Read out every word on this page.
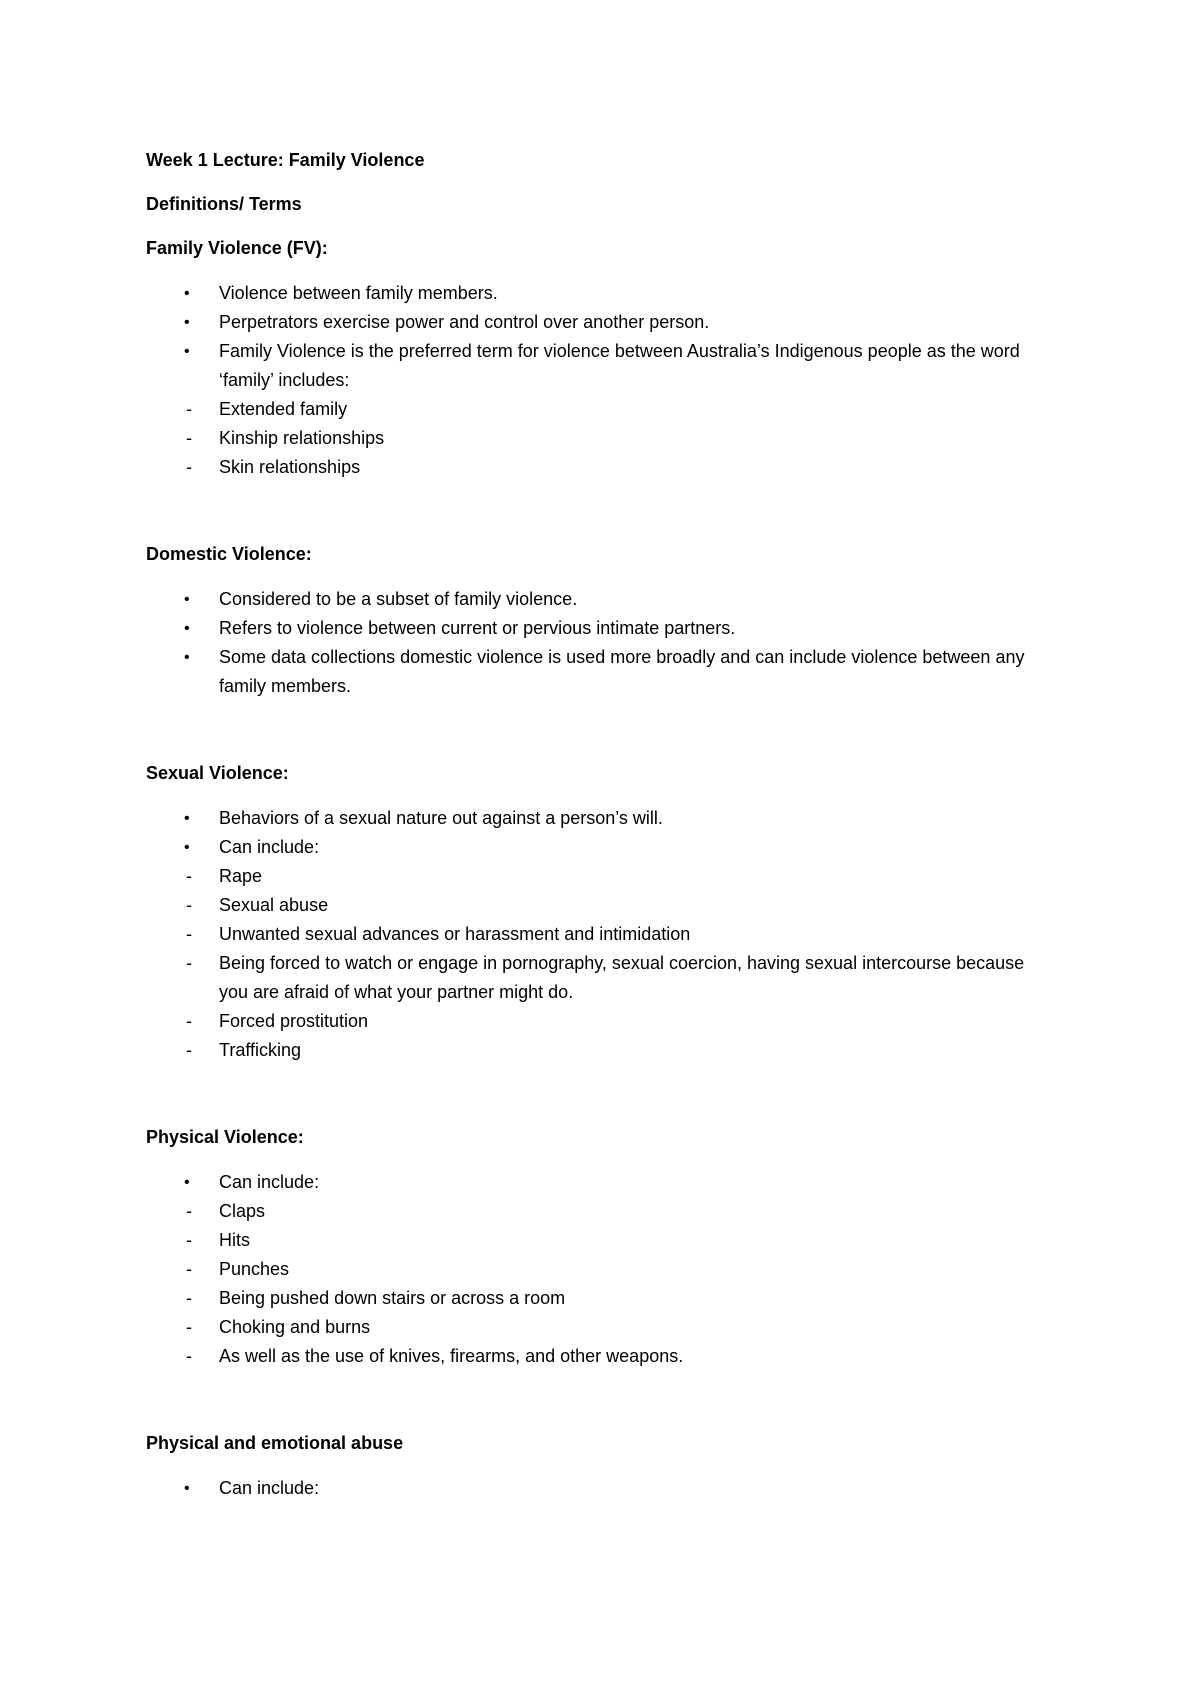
Week 1 Lecture: Family Violence
Definitions/ Terms
Family Violence (FV):
•	Violence between family members.
•	Perpetrators exercise power and control over another person.
•	Family Violence is the preferred term for violence between Australia’s Indigenous people as the word ‘family’ includes:
-	Extended family
-	Kinship relationships
-	Skin relationships
Domestic Violence:
•	Considered to be a subset of family violence.
•	Refers to violence between current or pervious intimate partners.
•	Some data collections domestic violence is used more broadly and can include violence between any family members.
Sexual Violence:
•	Behaviors of a sexual nature out against a person’s will.
•	Can include:
-	Rape
-	Sexual abuse
-	Unwanted sexual advances or harassment and intimidation
-	Being forced to watch or engage in pornography, sexual coercion, having sexual intercourse because you are afraid of what your partner might do.
-	Forced prostitution
-	Trafficking
Physical Violence:
•	Can include:
-	Claps
-	Hits
-	Punches
-	Being pushed down stairs or across a room
-	Choking and burns
-	As well as the use of knives, firearms, and other weapons.
Physical and emotional abuse
•	Can include:
